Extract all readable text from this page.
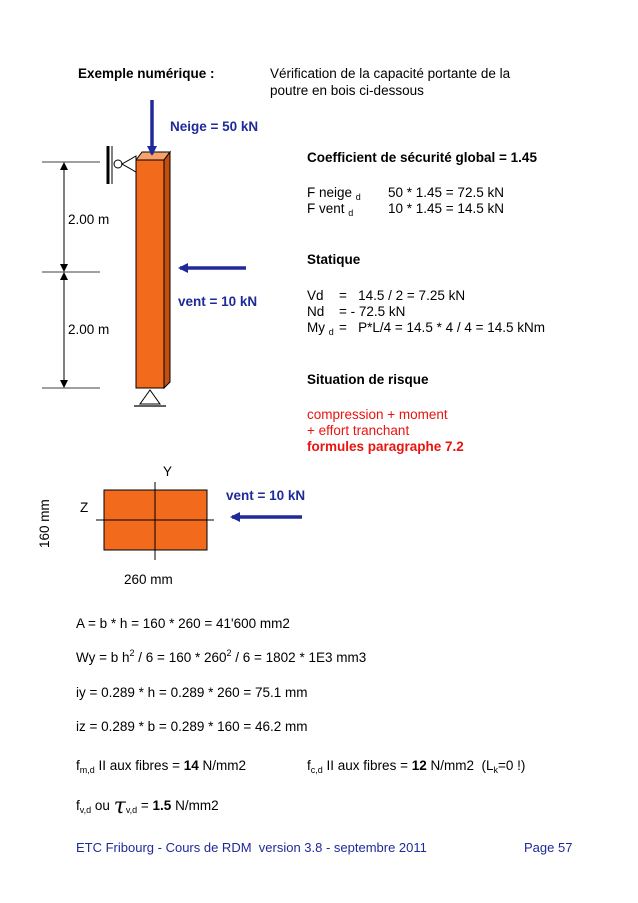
Exemple numérique :	Vérification de la capacité portante de la
poutre en bois ci-dessous
Neige = 50 kN
vent = 10 kN
2.00 m
2.00 m
Coefficient de sécurité global = 1.45
F neige $_d$ 50 * 1.45 = 72.5 kN
F vent $_d$	10 * 1.45 = 14.5 kN
Statique
Vd =   14.5 / 2 = 7.25 kN
Nd = - 72.5 kN
My $_d$ =   P*L/4 = 14.5 * 4 / 4 = 14.5 kNm
Situation de risque
compression + moment
+ effort tranchant
formules paragraphe 7.2
Y
Z
160 mm
260 mm
vent = 10 kN
A = b * h = 160 * 260 = 41'600 mm2
Wy = b $h^2 / 6 = 160 * 260^2 / 6 = 1802 * 1E3$ mm3
iy = 0.289 * h = 0.289 * 260 = 75.1 mm
iz = 0.289 * b = 0.289 * 160 = 46.2 mm
$f_{m,d}$ II aux fibres = 14 N/mm2	$f_{c,d}$ II aux fibres = 12 N/mm2  ($L_k=0$ !)
$f_{v,d}$ ou $\tau_{v,d} = 1.5$ N/mm2
ETC Fribourg - Cours de RDM  version 3.8 - septembre 2011	Page 57
